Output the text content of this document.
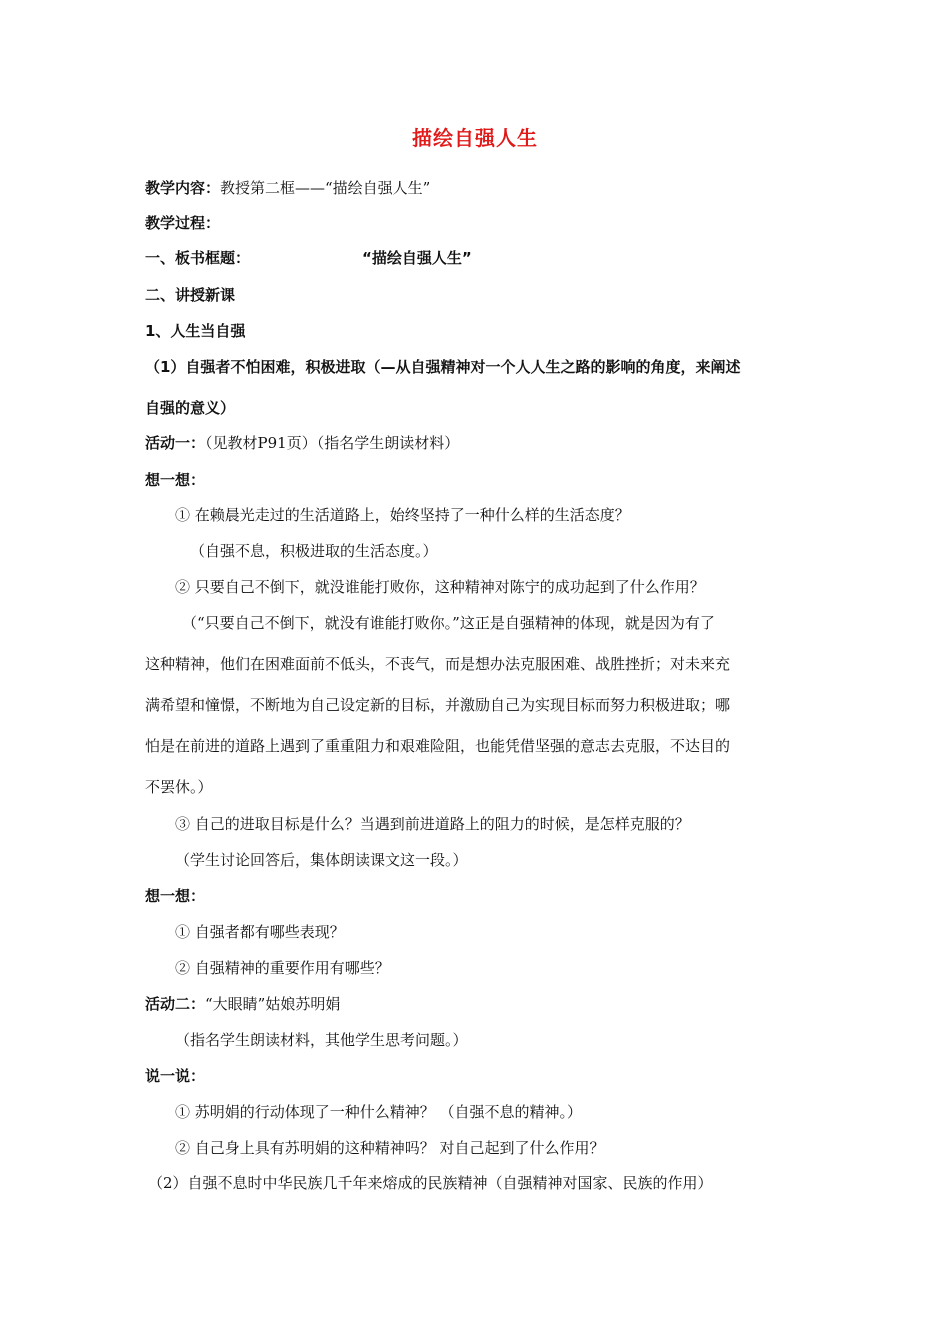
描绘自强人生
教学内容：教授第二框——“描绘自强人生”
教学过程：
一、板书框题：	“描绘自强人生”
二、讲授新课
1、人生当自强
（1）自强者不怕困难，积极进取（—从自强精神对一个人人生之路的影响的角度，来阐述
自强的意义）
活动一：（见教材P91页）（指名学生朗读材料）
想一想：
① 在赖晨光走过的生活道路上，始终坚持了一种什么样的生活态度？
（自强不息，积极进取的生活态度。）
② 只要自己不倒下，就没谁能打败你，这种精神对陈宁的成功起到了什么作用？
（“只要自己不倒下，就没有谁能打败你。”这正是自强精神的体现，就是因为有了
这种精神，他们在困难面前不低头，不丧气，而是想办法克服困难、战胜挫折；对未来充
满希望和憧憬，不断地为自己设定新的目标，并激励自己为实现目标而努力积极进取；哪
怕是在前进的道路上遇到了重重阻力和艰难险阻，也能凭借坚强的意志去克服，不达目的
不罢休。）
③ 自己的进取目标是什么？当遇到前进道路上的阻力的时候，是怎样克服的？
（学生讨论回答后，集体朗读课文这一段。）
想一想：
① 自强者都有哪些表现？
② 自强精神的重要作用有哪些？
活动二：“大眼睛”姑娘苏明娟
（指名学生朗读材料，其他学生思考问题。）
说一说：
① 苏明娟的行动体现了一种什么精神？ （自强不息的精神。）
② 自己身上具有苏明娟的这种精神吗？ 对自己起到了什么作用？
（2）自强不息时中华民族几千年来熔成的民族精神（自强精神对国家、民族的作用）
